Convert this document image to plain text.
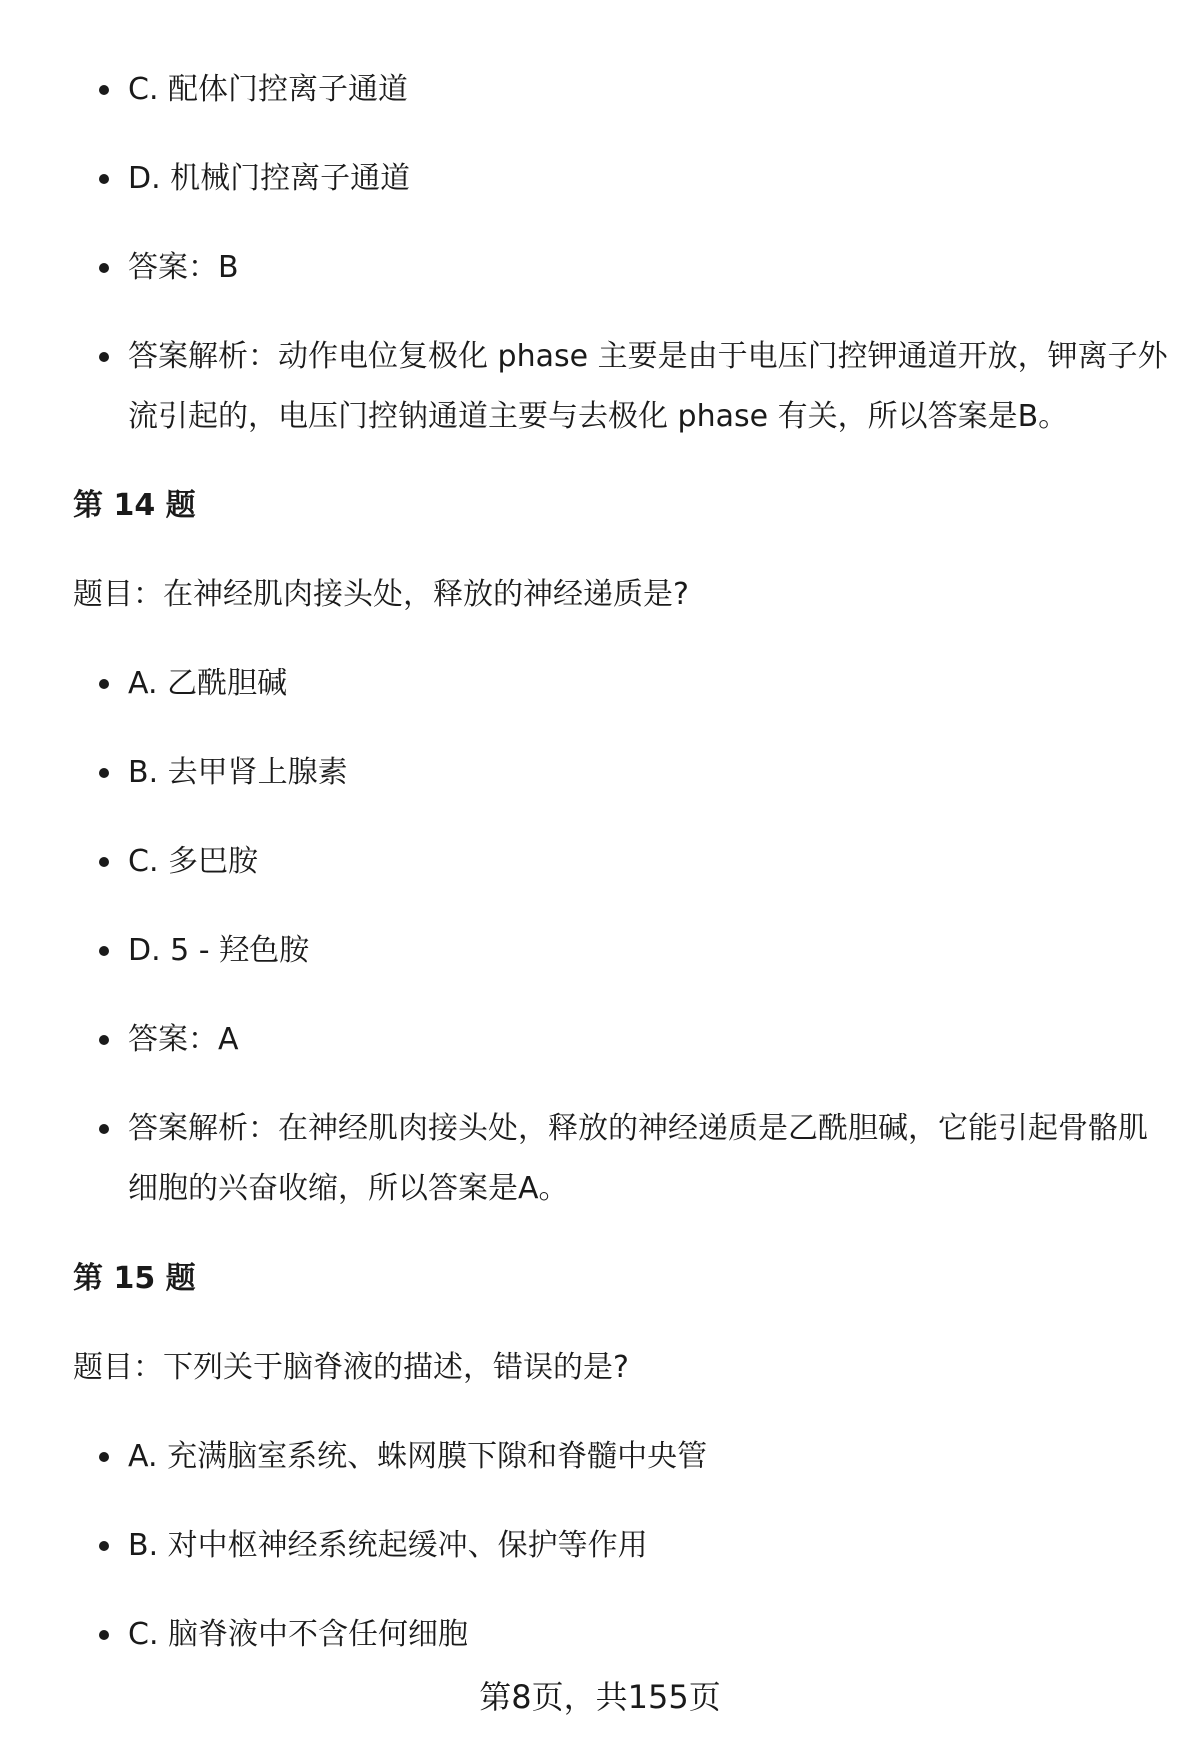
C. 配体门控离子通道
D. 机械门控离子通道
答案：B
答案解析：动作电位复极化 phase 主要是由于电压门控钾通道开放，钾离子外流引起的，电压门控钠通道主要与去极化 phase 有关，所以答案是B。
第 14 题
题目：在神经肌肉接头处，释放的神经递质是?
A. 乙酰胆碱
B. 去甲肾上腺素
C. 多巴胺
D. 5 - 羟色胺
答案：A
答案解析：在神经肌肉接头处，释放的神经递质是乙酰胆碱，它能引起骨骼肌细胞的兴奋收缩，所以答案是A。
第 15 题
题目：下列关于脑脊液的描述，错误的是?
A. 充满脑室系统、蛛网膜下隙和脊髓中央管
B. 对中枢神经系统起缓冲、保护等作用
C. 脑脊液中不含任何细胞
第8页，共155页
